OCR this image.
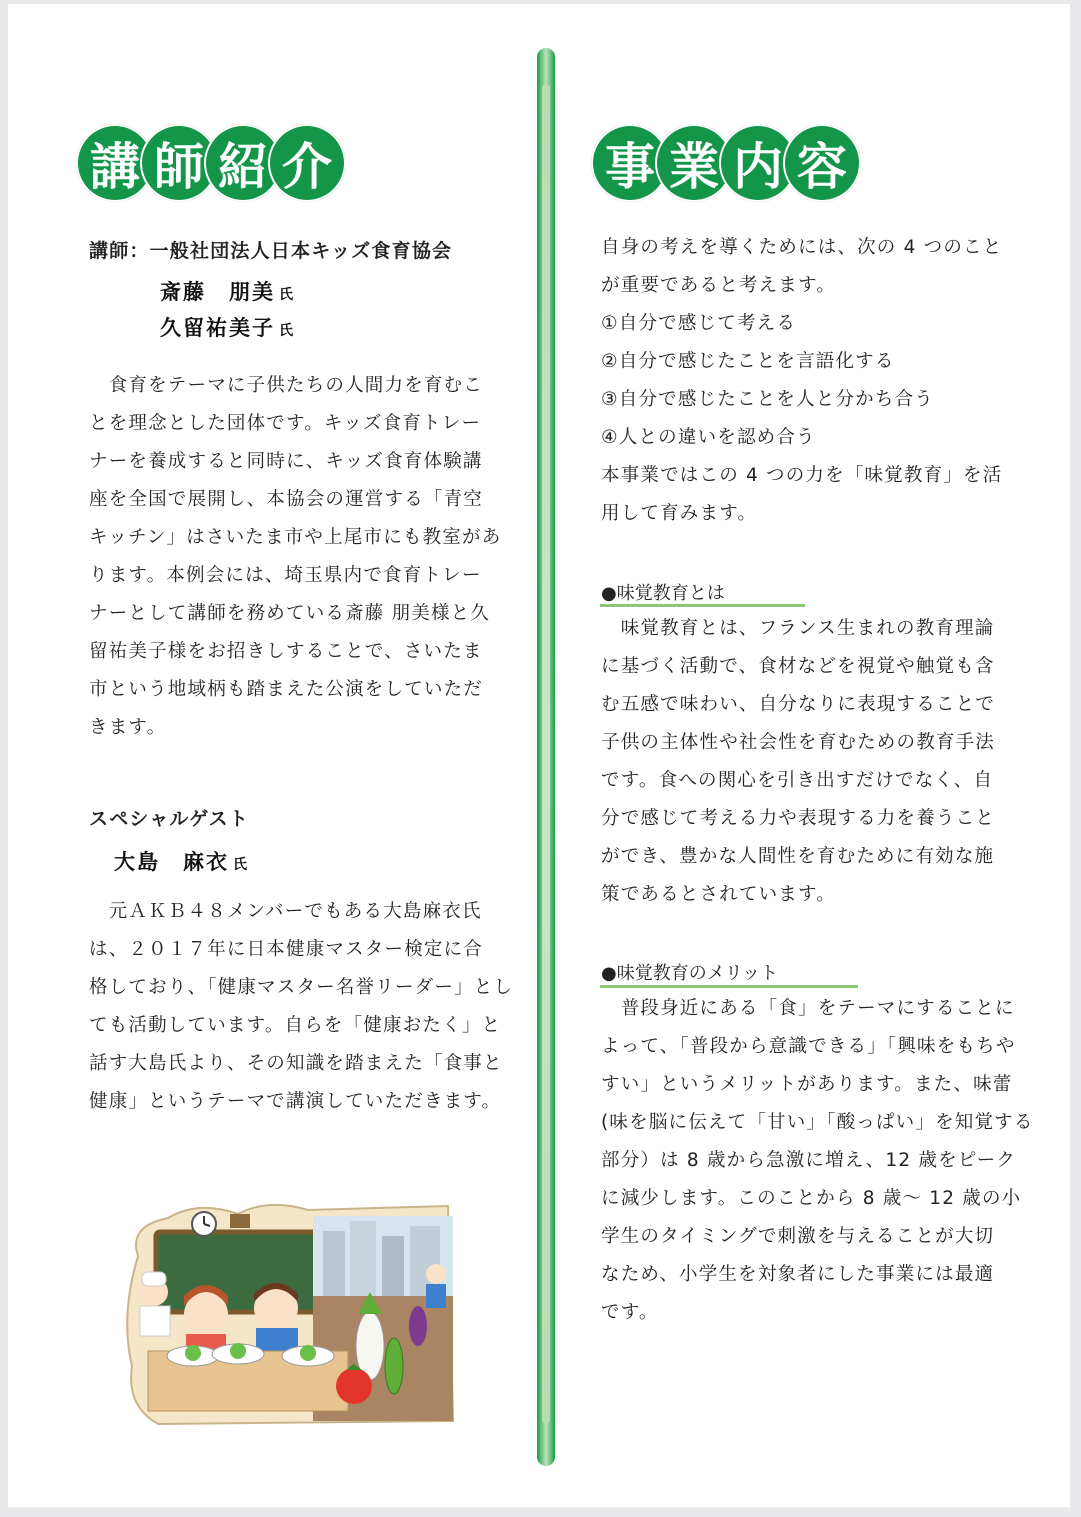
講 師 紹 介
講師：一般社団法人日本キッズ食育協会
斎藤　朋美 氏
久留祐美子 氏
　食育をテーマに子供たちの人間力を育むこ
とを理念とした団体です。キッズ食育トレー
ナーを養成すると同時に、キッズ食育体験講
座を全国で展開し、本協会の運営する「青空
キッチン」はさいたま市や上尾市にも教室があ
ります。本例会には、埼玉県内で食育トレー
ナーとして講師を務めている斎藤 朋美様と久
留祐美子様をお招きしすることで、さいたま
市という地域柄も踏まえた公演をしていただ
きます。
スペシャルゲスト
大島　麻衣 氏
　元ＡＫＢ４８メンバーでもある大島麻衣氏
は、２０１７年に日本健康マスター検定に合
格しており、「健康マスター名誉リーダー」とし
ても活動しています。自らを「健康おたく」と
話す大島氏より、その知識を踏まえた「食事と
健康」というテーマで講演していただきます。
事 業 内 容
自身の考えを導くためには、次の 4 つのこと
が重要であると考えます。
①自分で感じて考える
②自分で感じたことを言語化する
③自分で感じたことを人と分かち合う
④人との違いを認め合う
本事業ではこの 4 つの力を「味覚教育」を活
用して育みます。
●味覚教育とは
　味覚教育とは、フランス生まれの教育理論
に基づく活動で、食材などを視覚や触覚も含
む五感で味わい、自分なりに表現することで
子供の主体性や社会性を育むための教育手法
です。食への関心を引き出すだけでなく、自
分で感じて考える力や表現する力を養うこと
ができ、豊かな人間性を育むために有効な施
策であるとされています。
●味覚教育のメリット
　普段身近にある「食」をテーマにすることに
よって、「普段から意識できる」「興味をもちや
すい」というメリットがあります。また、味蕾
(味を脳に伝えて「甘い」「酸っぱい」を知覚する
部分）は 8 歳から急激に増え、12 歳をピーク
に減少します。このことから 8 歳～ 12 歳の小
学生のタイミングで刺激を与えることが大切
なため、小学生を対象者にした事業には最適
です。
